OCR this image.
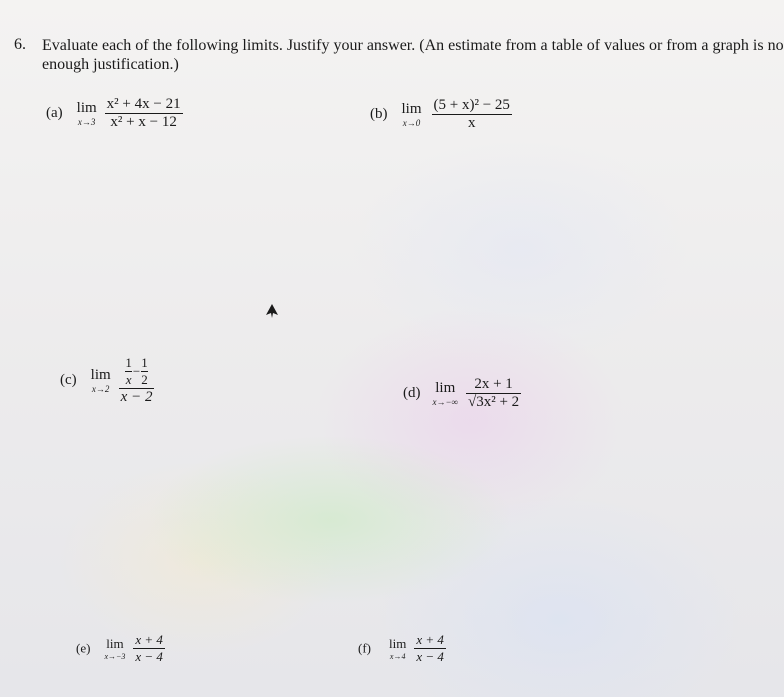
6. Evaluate each of the following limits. Justify your answer. (An estimate from a table of values or from a graph is no
enough justification.)
(a) lim
x→3
$\frac{\text{x² + 4x − 21}}{\text{x² + x − 12}}$	(b) lim
x→0
$\frac{\text{(5 + x)² − 25}}{x}$
(c) lim
x→2
$\frac{\frac{1}{x} - \frac{1}{2}}{x - 2}$	(d) lim
x→−∞
$\frac{2x + 1}{\text{√3x² + 2}}$
(e) lim
x→−3
$\frac{x + 4}{x - 4}$	(f) lim
x→4
$\frac{x + 4}{x - 4}$
